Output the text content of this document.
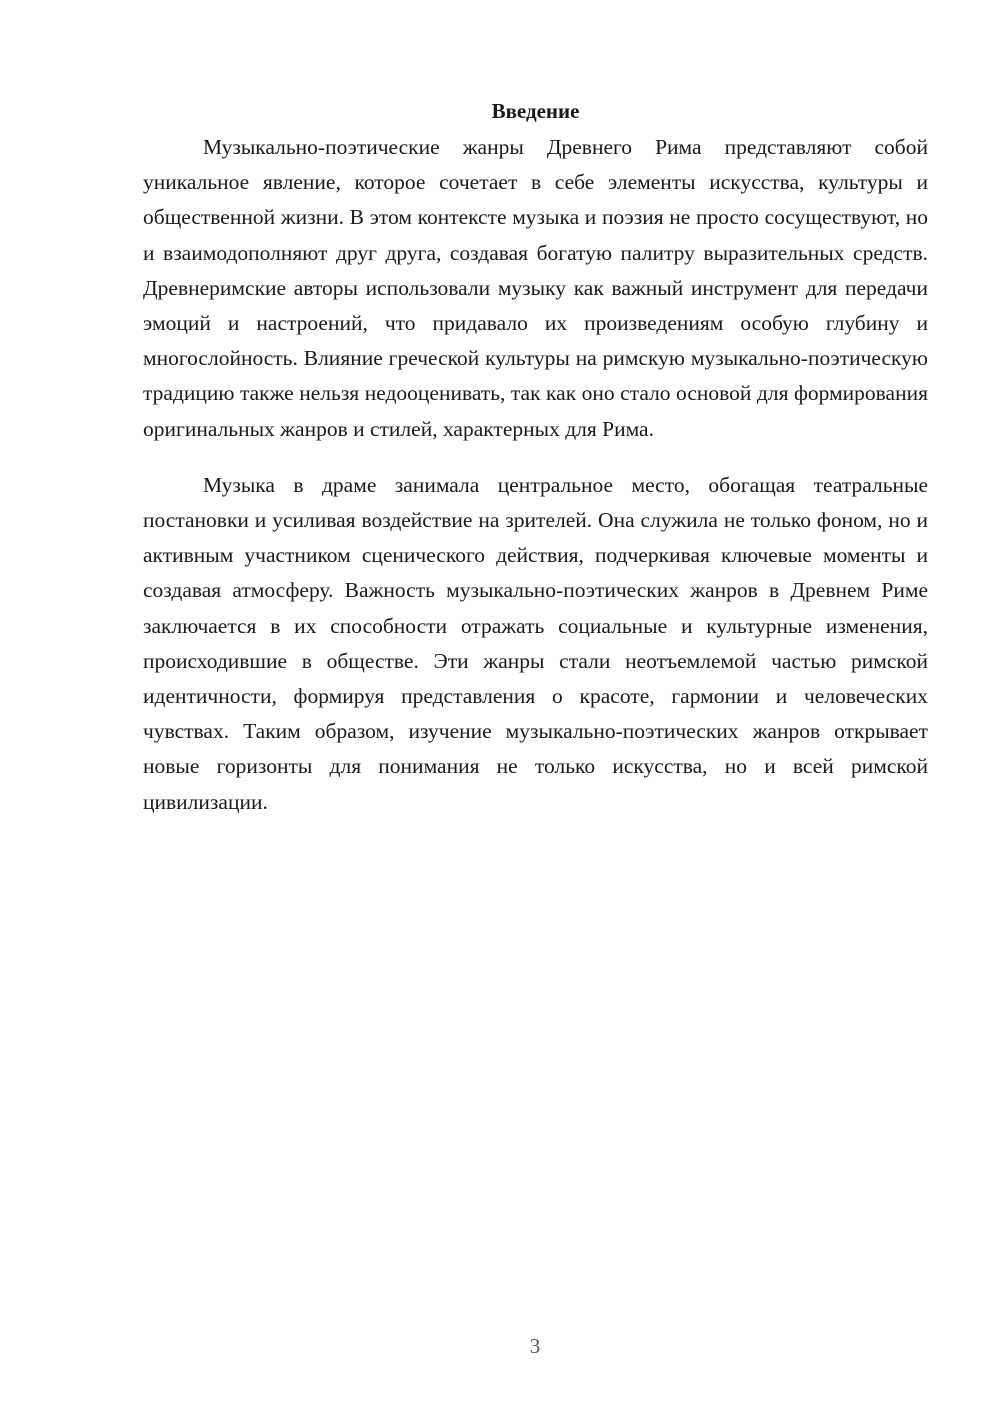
Введение

Музыкально-поэтические жанры Древнего Рима представляют собой уникальное явление, которое сочетает в себе элементы искусства, культуры и общественной жизни. В этом контексте музыка и поэзия не просто сосуществуют, но и взаимодополняют друг друга, создавая богатую палитру выразительных средств. Древнеримские авторы использовали музыку как важный инструмент для передачи эмоций и настроений, что придавало их произведениям особую глубину и многослойность. Влияние греческой культуры на римскую музыкально-поэтическую традицию также нельзя недооценивать, так как оно стало основой для формирования оригинальных жанров и стилей, характерных для Рима.

Музыка в драме занимала центральное место, обогащая театральные постановки и усиливая воздействие на зрителей. Она служила не только фоном, но и активным участником сценического действия, подчеркивая ключевые моменты и создавая атмосферу. Важность музыкально-поэтических жанров в Древнем Риме заключается в их способности отражать социальные и культурные изменения, происходившие в обществе. Эти жанры стали неотъемлемой частью римской идентичности, формируя представления о красоте, гармонии и человеческих чувствах. Таким образом, изучение музыкально-поэтических жанров открывает новые горизонты для понимания не только искусства, но и всей римской цивилизации.

3
